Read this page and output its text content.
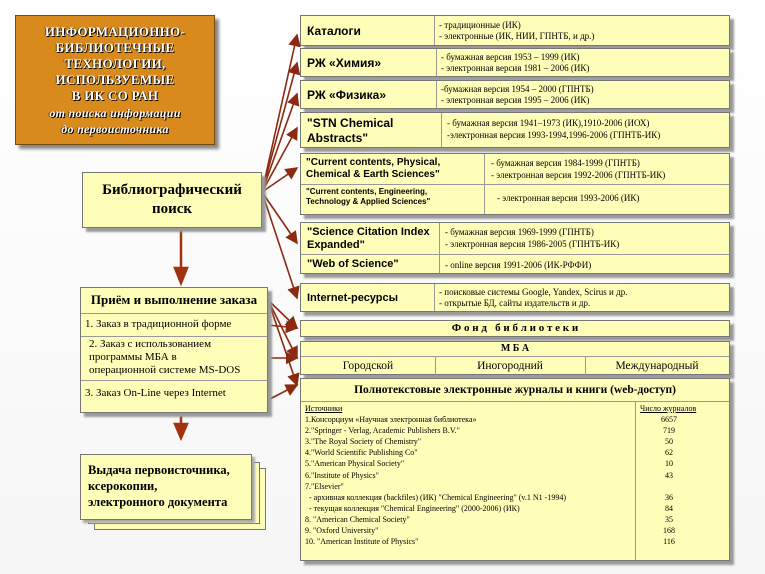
ИНФОРМАЦИОННО-
БИБЛИОТЕЧНЫЕ
ТЕХНОЛОГИИ,
ИСПОЛЬЗУЕМЫЕ
В ИК СО РАН
от поиска информации
до первоисточника
Библиографический
поиск
Приём и выполнение заказа
1. Заказ в традиционной форме
2. Заказ с использованием
программы МБА в
операционной системе MS-DOS
3. Заказ On-Line через Internet
Выдача первоисточника,
ксерокопии,
электронного документа
Каталоги	- традиционные (ИК)
- электронные (ИК, НИИ, ГПНТБ, и др.)
РЖ «Химия»	- бумажная версия 1953 – 1999 (ИК)
- электронная версия 1981 – 2006 (ИК)
РЖ «Физика»	-бумажная версия 1954 – 2000 (ГПНТБ)
- электронная версия 1995 – 2006 (ИК)
"STN Chemical
Abstracts"
- бумажная версия 1941–1973 (ИК),1910-2006 (ИОХ)
-электронная версия 1993-1994,1996-2006 (ГПНТБ-ИК)
"Current contents, Physical,
Chemical & Earth Sciences"
- бумажная версия 1984-1999 (ГПНТБ)
- электронная версия 1992-2006 (ГПНТБ-ИК)
"Current contents, Engineering,
Technology & Applied Sciences"	- электронная версия 1993-2006 (ИК)
"Science Citation Index
Expanded"
- бумажная версия 1969-1999 (ГПНТБ)
- электронная версия 1986-2005 (ГПНТБ-ИК)
"Web of Science"	- online версия 1991-2006 (ИК-РФФИ)
Internet-ресурсы	- поисковые системы Google, Yandex, Scirus и др.
- открытые БД, сайты издательств и др.
Ф о н д   б и б л и о т е к и
М Б А
Городской	Иногородний	Международный
Полнотекстовые электронные журналы и книги (web-доступ)
Источники	Число журналов
1.Консорциум «Научная электронная библиотека»	6657
2."Springer - Verlag, Academic Publishers B.V."	719
3."The Royal Society of Chemistry"	50
4."World Scientific Publishing Co"	62
5."American Physical Society"	10
6."Institute of Physics"	43
7."Elsevier"
- архивная коллекция (backfiles) (ИК) "Chemical Engineering" (v.1 N1 -1994)	36
- текущая коллекция "Chemical Engineering" (2000-2006) (ИК)	84
8. "American Chemical Society"	35
9. "Oxford University"	168
10. "American Institute of Physics"	116
